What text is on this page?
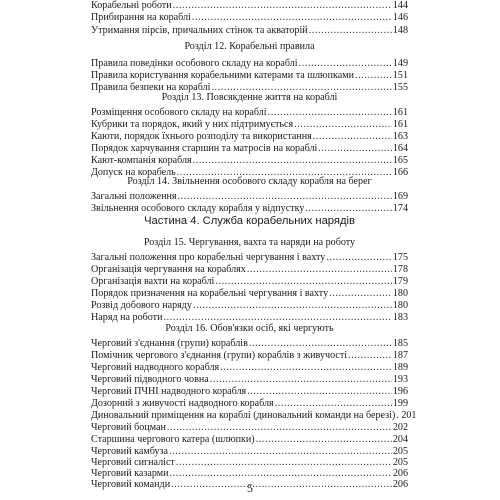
Корабельні роботи .....	144
Прибирання на кораблі .....	146
Утримання пірсів, причальних стінок та акваторій .....	148
Розділ 12. Корабельні правила
Правила поведінки особового складу на кораблі .....	149
Правила користування корабельними катерами та шлюпками .....	151
Правила безпеки на кораблі .....	155
Розділ 13. Повсякденне життя на кораблі
Розміщення особового складу на кораблі .....	161
Кубрики та порядок, який у них підтримується .....	161
Каюти, порядок їхнього розподілу та використання .....	163
Порядок харчування старшин та матросів на кораблі .....	164
Кают-компанія корабля .....	165
Допуск на корабель .....	166
Розділ 14. Звільнення особового складу корабля на берег
Загальні положення .....	169
Звільнення особового складу корабля у відпустку .....	174
Частина 4. Служба корабельних нарядів
Розділ 15. Чергування, вахта та наряди на роботу
Загальні положення про корабельні чергування і вахту .....	175
Організація чергування на кораблях .....	178
Організація вахти на кораблі .....	179
Порядок призначення на корабельні чергування і вахту .....	180
Розвід добового наряду .....	180
Наряд на роботи .....	183
Розділ 16. Обов'язки осіб, які чергують
Черговий з'єднання (групи) кораблів .....	185
Помічник чергового з'єднання (групи) кораблів з живучості .....	187
Черговий надводного корабля .....	189
Черговий підводного човна .....	193
Черговий ПЧНІ надводного корабля .....	196
Дозорний з живучості надводного корабля .....	199
Диновальний приміщення на кораблі (диновальний команди на березі) ..... 201
Черговий боцман .....	202
Старшина чергового катера (шлюпки) .....	204
Черговий камбуза .....	205
Черговий сигналіст .....	205
Черговий казарми .....	206
Черговий команди .....	206
5
